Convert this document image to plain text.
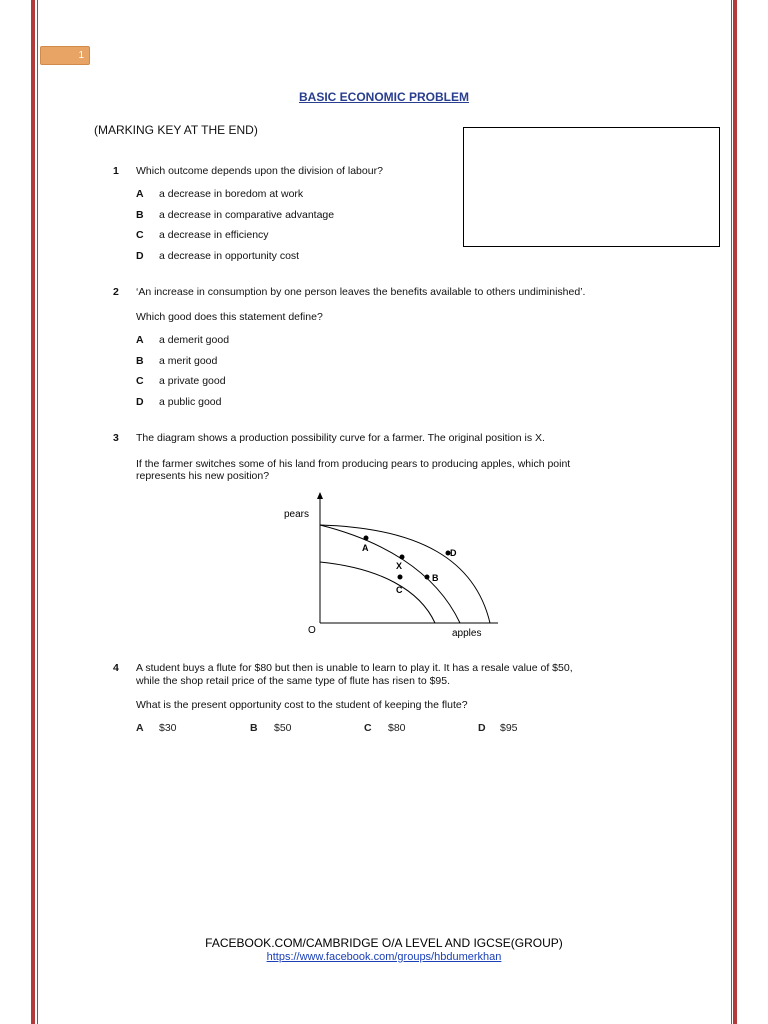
1
BASIC ECONOMIC PROBLEM
(MARKING KEY AT THE END)
1 Which outcome depends upon the division of labour?
A a decrease in boredom at work
B a decrease in comparative advantage
C a decrease in efficiency
D a decrease in opportunity cost
2 ‘An increase in consumption by one person leaves the benefits available to others undiminished’.
Which good does this statement define?
A a demerit good
B a merit good
C a private good
D a public good
3 The diagram shows a production possibility curve for a farmer. The original position is X.
If the farmer switches some of his land from producing pears to producing apples, which point
represents his new position?
pears
apples
O
A
X
B
C
D
4 A student buys a flute for $80 but then is unable to learn to play it. It has a resale value of $50,
while the shop retail price of the same type of flute has risen to $95.
What is the present opportunity cost to the student of keeping the flute?
A $30	B $50	C $80	D $95
FACEBOOK.COM/CAMBRIDGE O/A LEVEL AND IGCSE(GROUP)
https://www.facebook.com/groups/hbdumerkhan
